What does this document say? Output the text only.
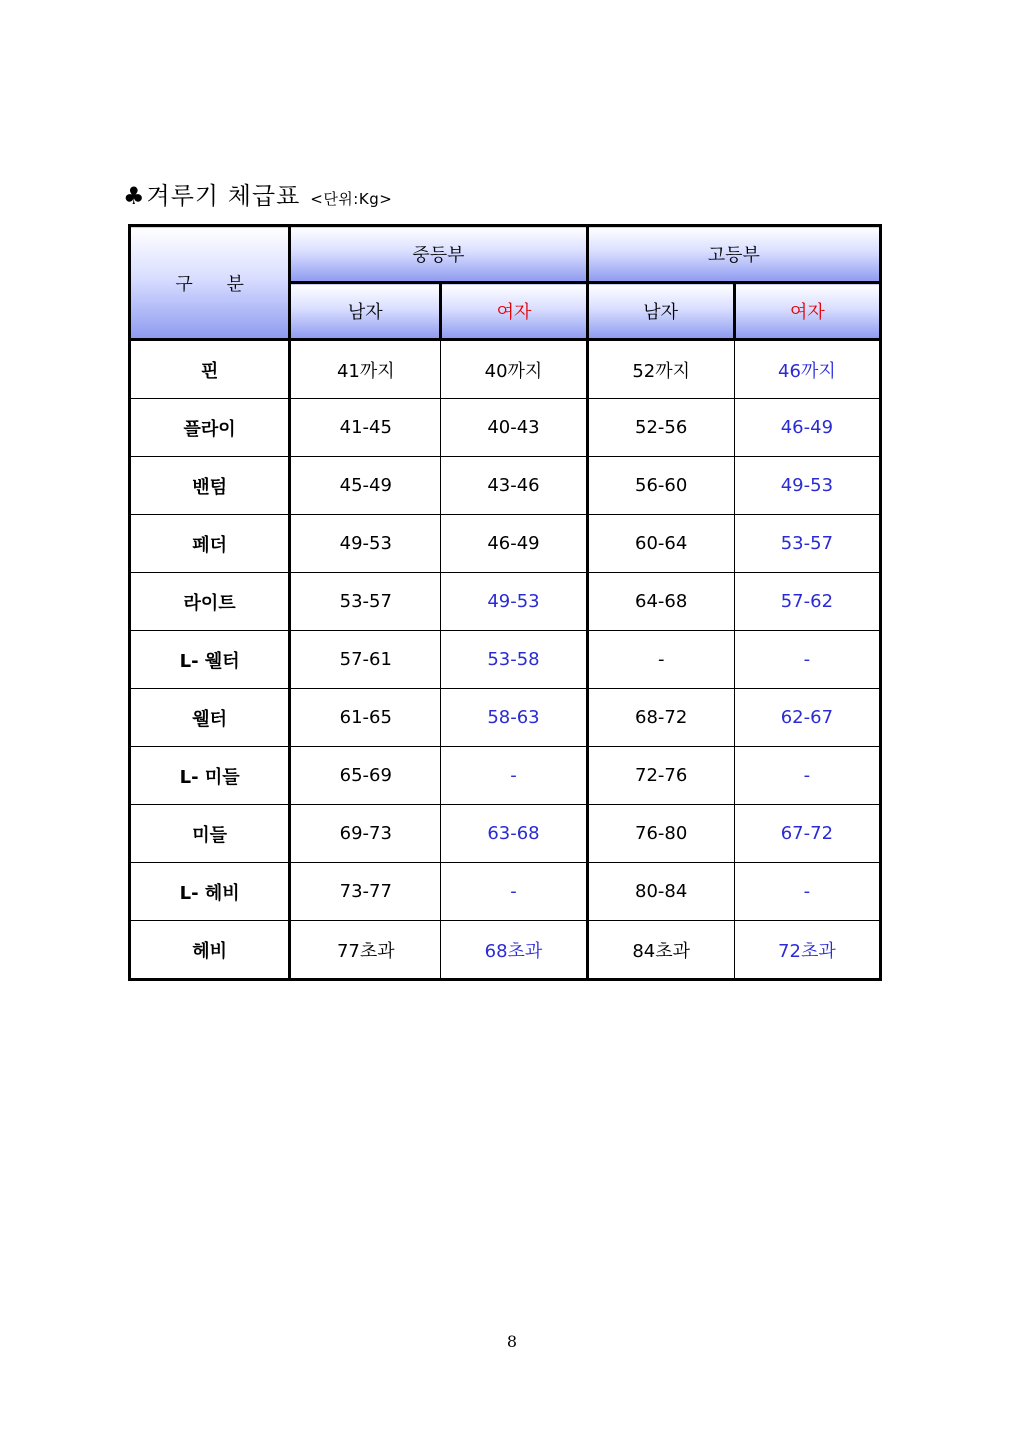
♣ 겨루기 체급표 <단위:Kg>
구 분	중등부		고등부	
	남자	여자	남자	여자
핀	41까지	40까지	52까지	46까지
플라이	41-45	40-43	52-56	46-49
밴텀	45-49	43-46	56-60	49-53
페더	49-53	46-49	60-64	53-57
라이트	53-57	49-53	64-68	57-62
L- 웰터	57-61	53-58	-	-
웰터	61-65	58-63	68-72	62-67
L- 미들	65-69	-	72-76	-
미들	69-73	63-68	76-80	67-72
L- 헤비	73-77	-	80-84	-
헤비	77초과	68초과	84초과	72초과
8
